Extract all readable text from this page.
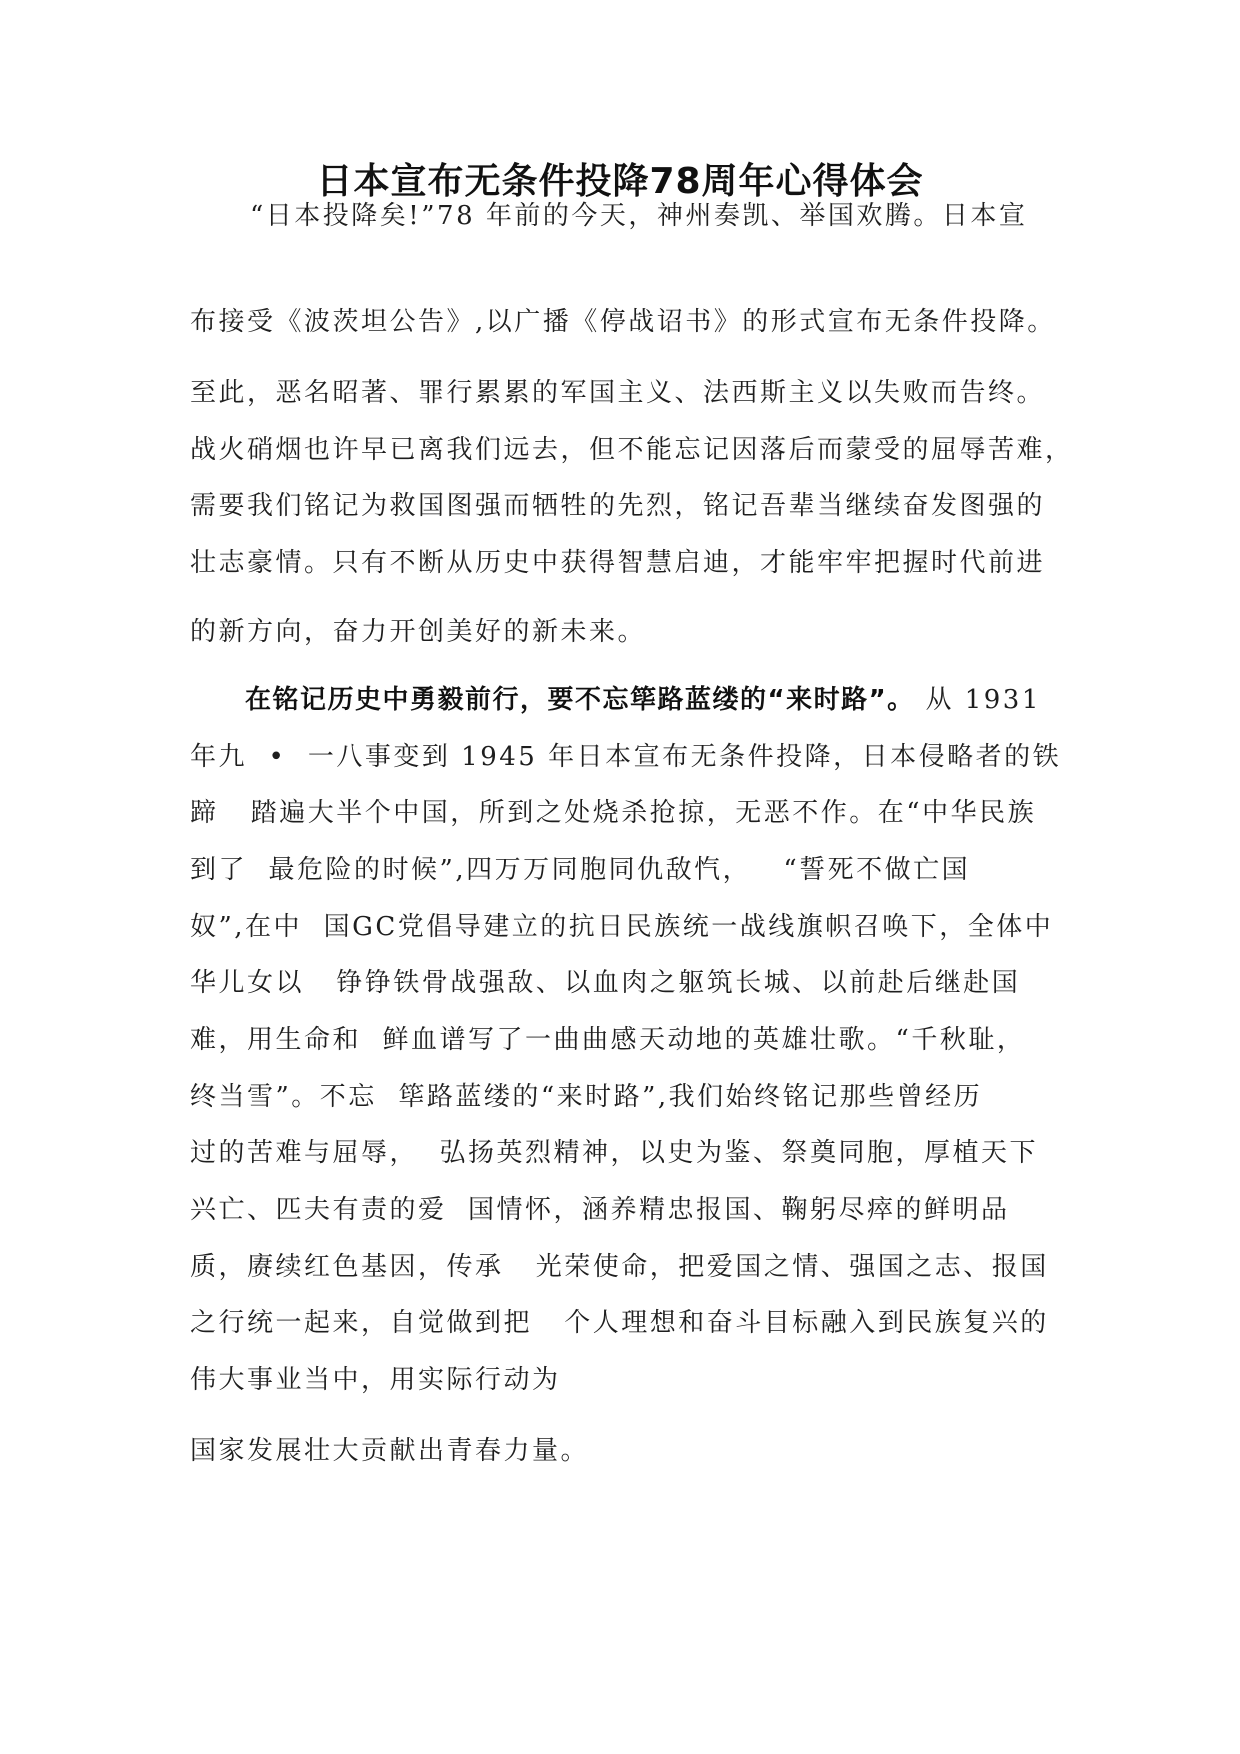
日本宣布无条件投降78周年心得体会
“日本投降矣!”78 年前的今天，神州奏凯、举国欢腾。日本宣
布接受《波茨坦公告》,以广播《停战诏书》的形式宣布无条件投降。
至此，恶名昭著、罪行累累的军国主义、法西斯主义以失败而告终。
战火硝烟也许早已离我们远去，但不能忘记因落后而蒙受的屈辱苦难，
需要我们铭记为救国图强而牺牲的先烈，铭记吾辈当继续奋发图强的
壮志豪情。只有不断从历史中获得智慧启迪，才能牢牢把握时代前进
的新方向，奋力开创美好的新未来。
在铭记历史中勇毅前行，要不忘筚路蓝缕的“来时路”。 从 1931
年九  •  一八事变到 1945 年日本宣布无条件投降，日本侵略者的铁
蹄   踏遍大半个中国，所到之处烧杀抢掠，无恶不作。在“中华民族
到了  最危险的时候”,四万万同胞同仇敌忾，   “誓死不做亡国
奴”,在中  国GC党倡导建立的抗日民族统一战线旗帜召唤下，全体中
华儿女以   铮铮铁骨战强敌、以血肉之躯筑长城、以前赴后继赴国
难，用生命和  鲜血谱写了一曲曲感天动地的英雄壮歌。“千秋耻，
终当雪”。不忘  筚路蓝缕的“来时路”,我们始终铭记那些曾经历
过的苦难与屈辱，  弘扬英烈精神，以史为鉴、祭奠同胞，厚植天下
兴亡、匹夫有责的爱  国情怀，涵养精忠报国、鞠躬尽瘁的鲜明品
质，赓续红色基因，传承   光荣使命，把爱国之情、强国之志、报国
之行统一起来，自觉做到把   个人理想和奋斗目标融入到民族复兴的
伟大事业当中，用实际行动为
国家发展壮大贡献出青春力量。
